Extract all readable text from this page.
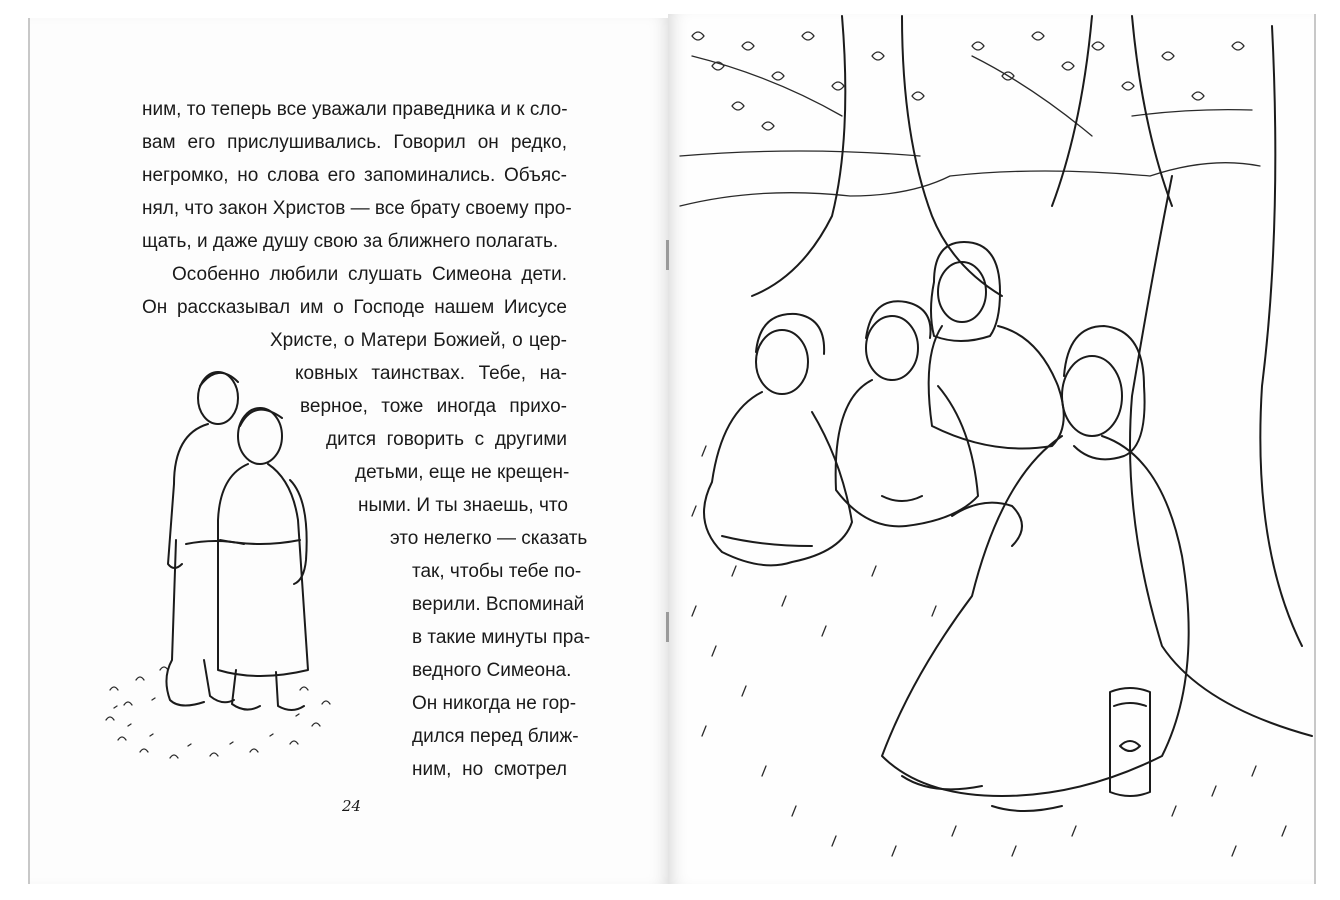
ним, то теперь все уважали праведника и к сло-
вам его прислушивались. Говорил он редко,
негромко, но слова его запоминались. Объяс-
нял, что закон Христов — все брату своему про-
щать, и даже душу свою за ближнего полагать.
Особенно любили слушать Симеона дети.
Он рассказывал им о Господе нашем Иисусе
Христе, о Матери Божией, о цер-
ковных таинствах. Тебе, на-
верное, тоже иногда прихо-
дится говорить с другими
детьми, еще не крещен-
ными. И ты знаешь, что
это нелегко — сказать
так, чтобы тебе по-
верили. Вспоминай
в такие минуты пра-
ведного Симеона.
Он никогда не гор-
дился перед ближ-
ним, но смотрел
24
